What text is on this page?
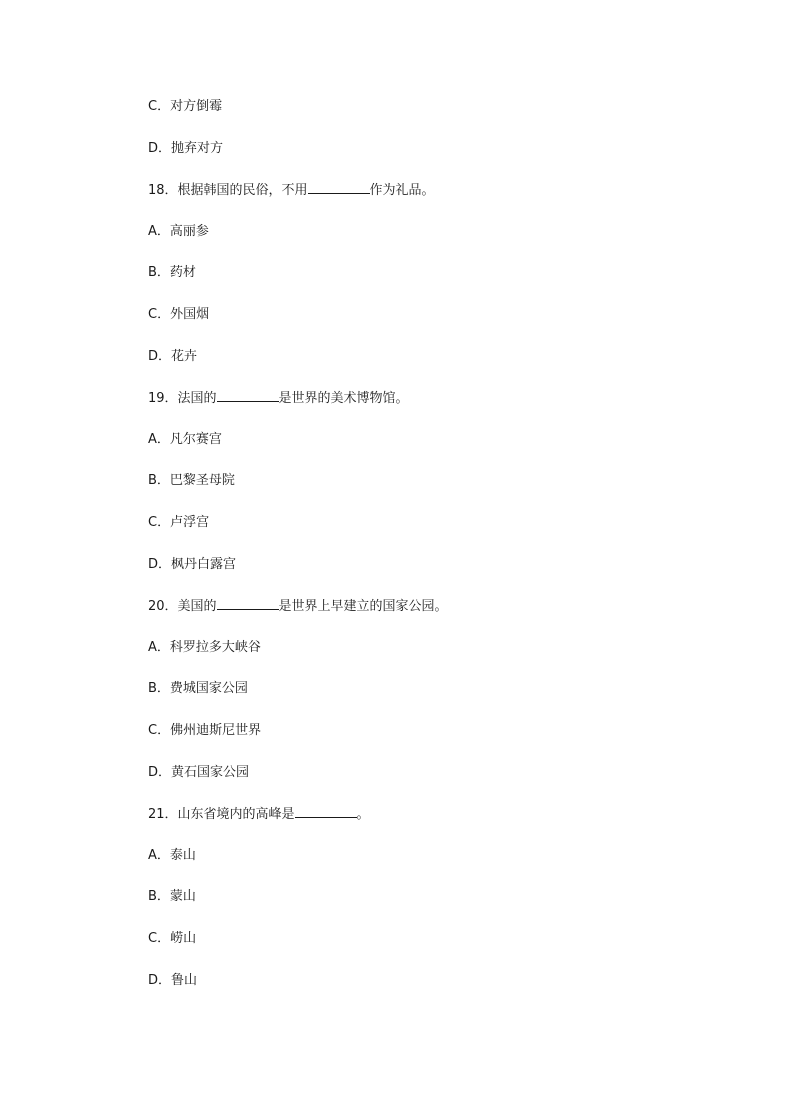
C．对方倒霉
D．抛弃对方
18．根据韩国的民俗，不用	作为礼品。
A．高丽参
B．药材
C．外国烟
D．花卉
19．法国的	是世界的美术博物馆。
A．凡尔赛宫
B．巴黎圣母院
C．卢浮宫
D．枫丹白露宫
20．美国的	是世界上早建立的国家公园。
A．科罗拉多大峡谷
B．费城国家公园
C．佛州迪斯尼世界
D．黄石国家公园
21．山东省境内的高峰是	。
A．泰山
B．蒙山
C．崂山
D．鲁山
